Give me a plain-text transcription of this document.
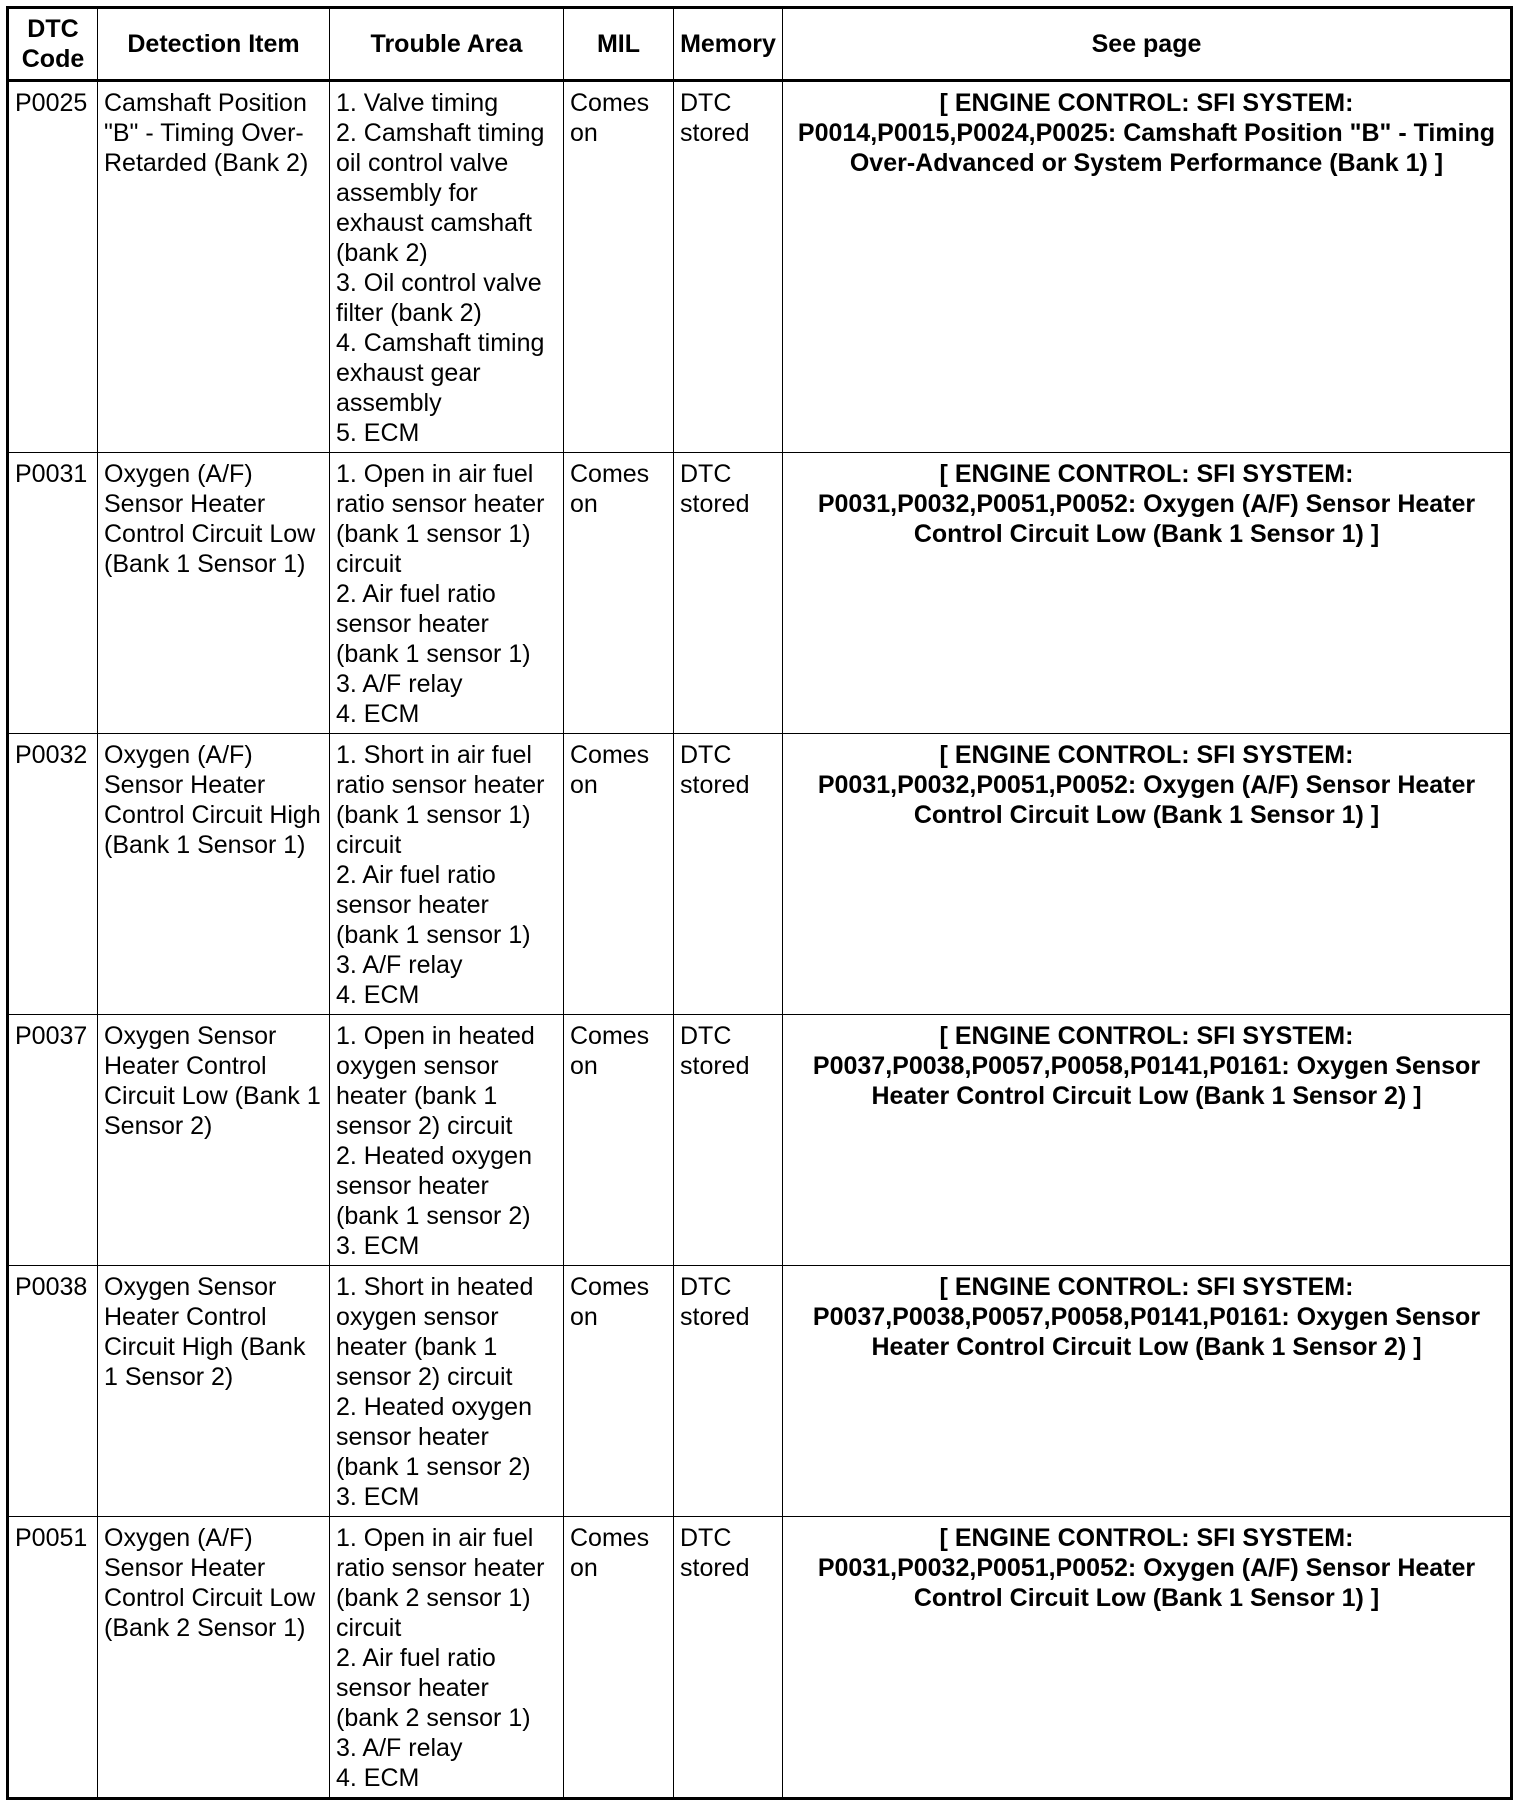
DTC Code	Detection Item	Trouble Area	MIL	Memory	See page
P0025	Camshaft Position "B" - Timing Over-Retarded (Bank 2)	1. Valve timing
2. Camshaft timing oil control valve assembly for exhaust camshaft (bank 2)
3. Oil control valve filter (bank 2)
4. Camshaft timing exhaust gear assembly
5. ECM	Comes on	DTC stored	[ ENGINE CONTROL: SFI SYSTEM: P0014,P0015,P0024,P0025: Camshaft Position "B" - Timing Over-Advanced or System Performance (Bank 1) ]
P0031	Oxygen (A/F) Sensor Heater Control Circuit Low (Bank 1 Sensor 1)	1. Open in air fuel ratio sensor heater (bank 1 sensor 1) circuit
2. Air fuel ratio sensor heater (bank 1 sensor 1)
3. A/F relay
4. ECM	Comes on	DTC stored	[ ENGINE CONTROL: SFI SYSTEM: P0031,P0032,P0051,P0052: Oxygen (A/F) Sensor Heater Control Circuit Low (Bank 1 Sensor 1) ]
P0032	Oxygen (A/F) Sensor Heater Control Circuit High (Bank 1 Sensor 1)	1. Short in air fuel ratio sensor heater (bank 1 sensor 1) circuit
2. Air fuel ratio sensor heater (bank 1 sensor 1)
3. A/F relay
4. ECM	Comes on	DTC stored	[ ENGINE CONTROL: SFI SYSTEM: P0031,P0032,P0051,P0052: Oxygen (A/F) Sensor Heater Control Circuit Low (Bank 1 Sensor 1) ]
P0037	Oxygen Sensor Heater Control Circuit Low (Bank 1 Sensor 2)	1. Open in heated oxygen sensor heater (bank 1 sensor 2) circuit
2. Heated oxygen sensor heater (bank 1 sensor 2)
3. ECM	Comes on	DTC stored	[ ENGINE CONTROL: SFI SYSTEM: P0037,P0038,P0057,P0058,P0141,P0161: Oxygen Sensor Heater Control Circuit Low (Bank 1 Sensor 2) ]
P0038	Oxygen Sensor Heater Control Circuit High (Bank 1 Sensor 2)	1. Short in heated oxygen sensor heater (bank 1 sensor 2) circuit
2. Heated oxygen sensor heater (bank 1 sensor 2)
3. ECM	Comes on	DTC stored	[ ENGINE CONTROL: SFI SYSTEM: P0037,P0038,P0057,P0058,P0141,P0161: Oxygen Sensor Heater Control Circuit Low (Bank 1 Sensor 2) ]
P0051	Oxygen (A/F) Sensor Heater Control Circuit Low (Bank 2 Sensor 1)	1. Open in air fuel ratio sensor heater (bank 2 sensor 1) circuit
2. Air fuel ratio sensor heater (bank 2 sensor 1)
3. A/F relay
4. ECM	Comes on	DTC stored	[ ENGINE CONTROL: SFI SYSTEM: P0031,P0032,P0051,P0052: Oxygen (A/F) Sensor Heater Control Circuit Low (Bank 1 Sensor 1) ]
